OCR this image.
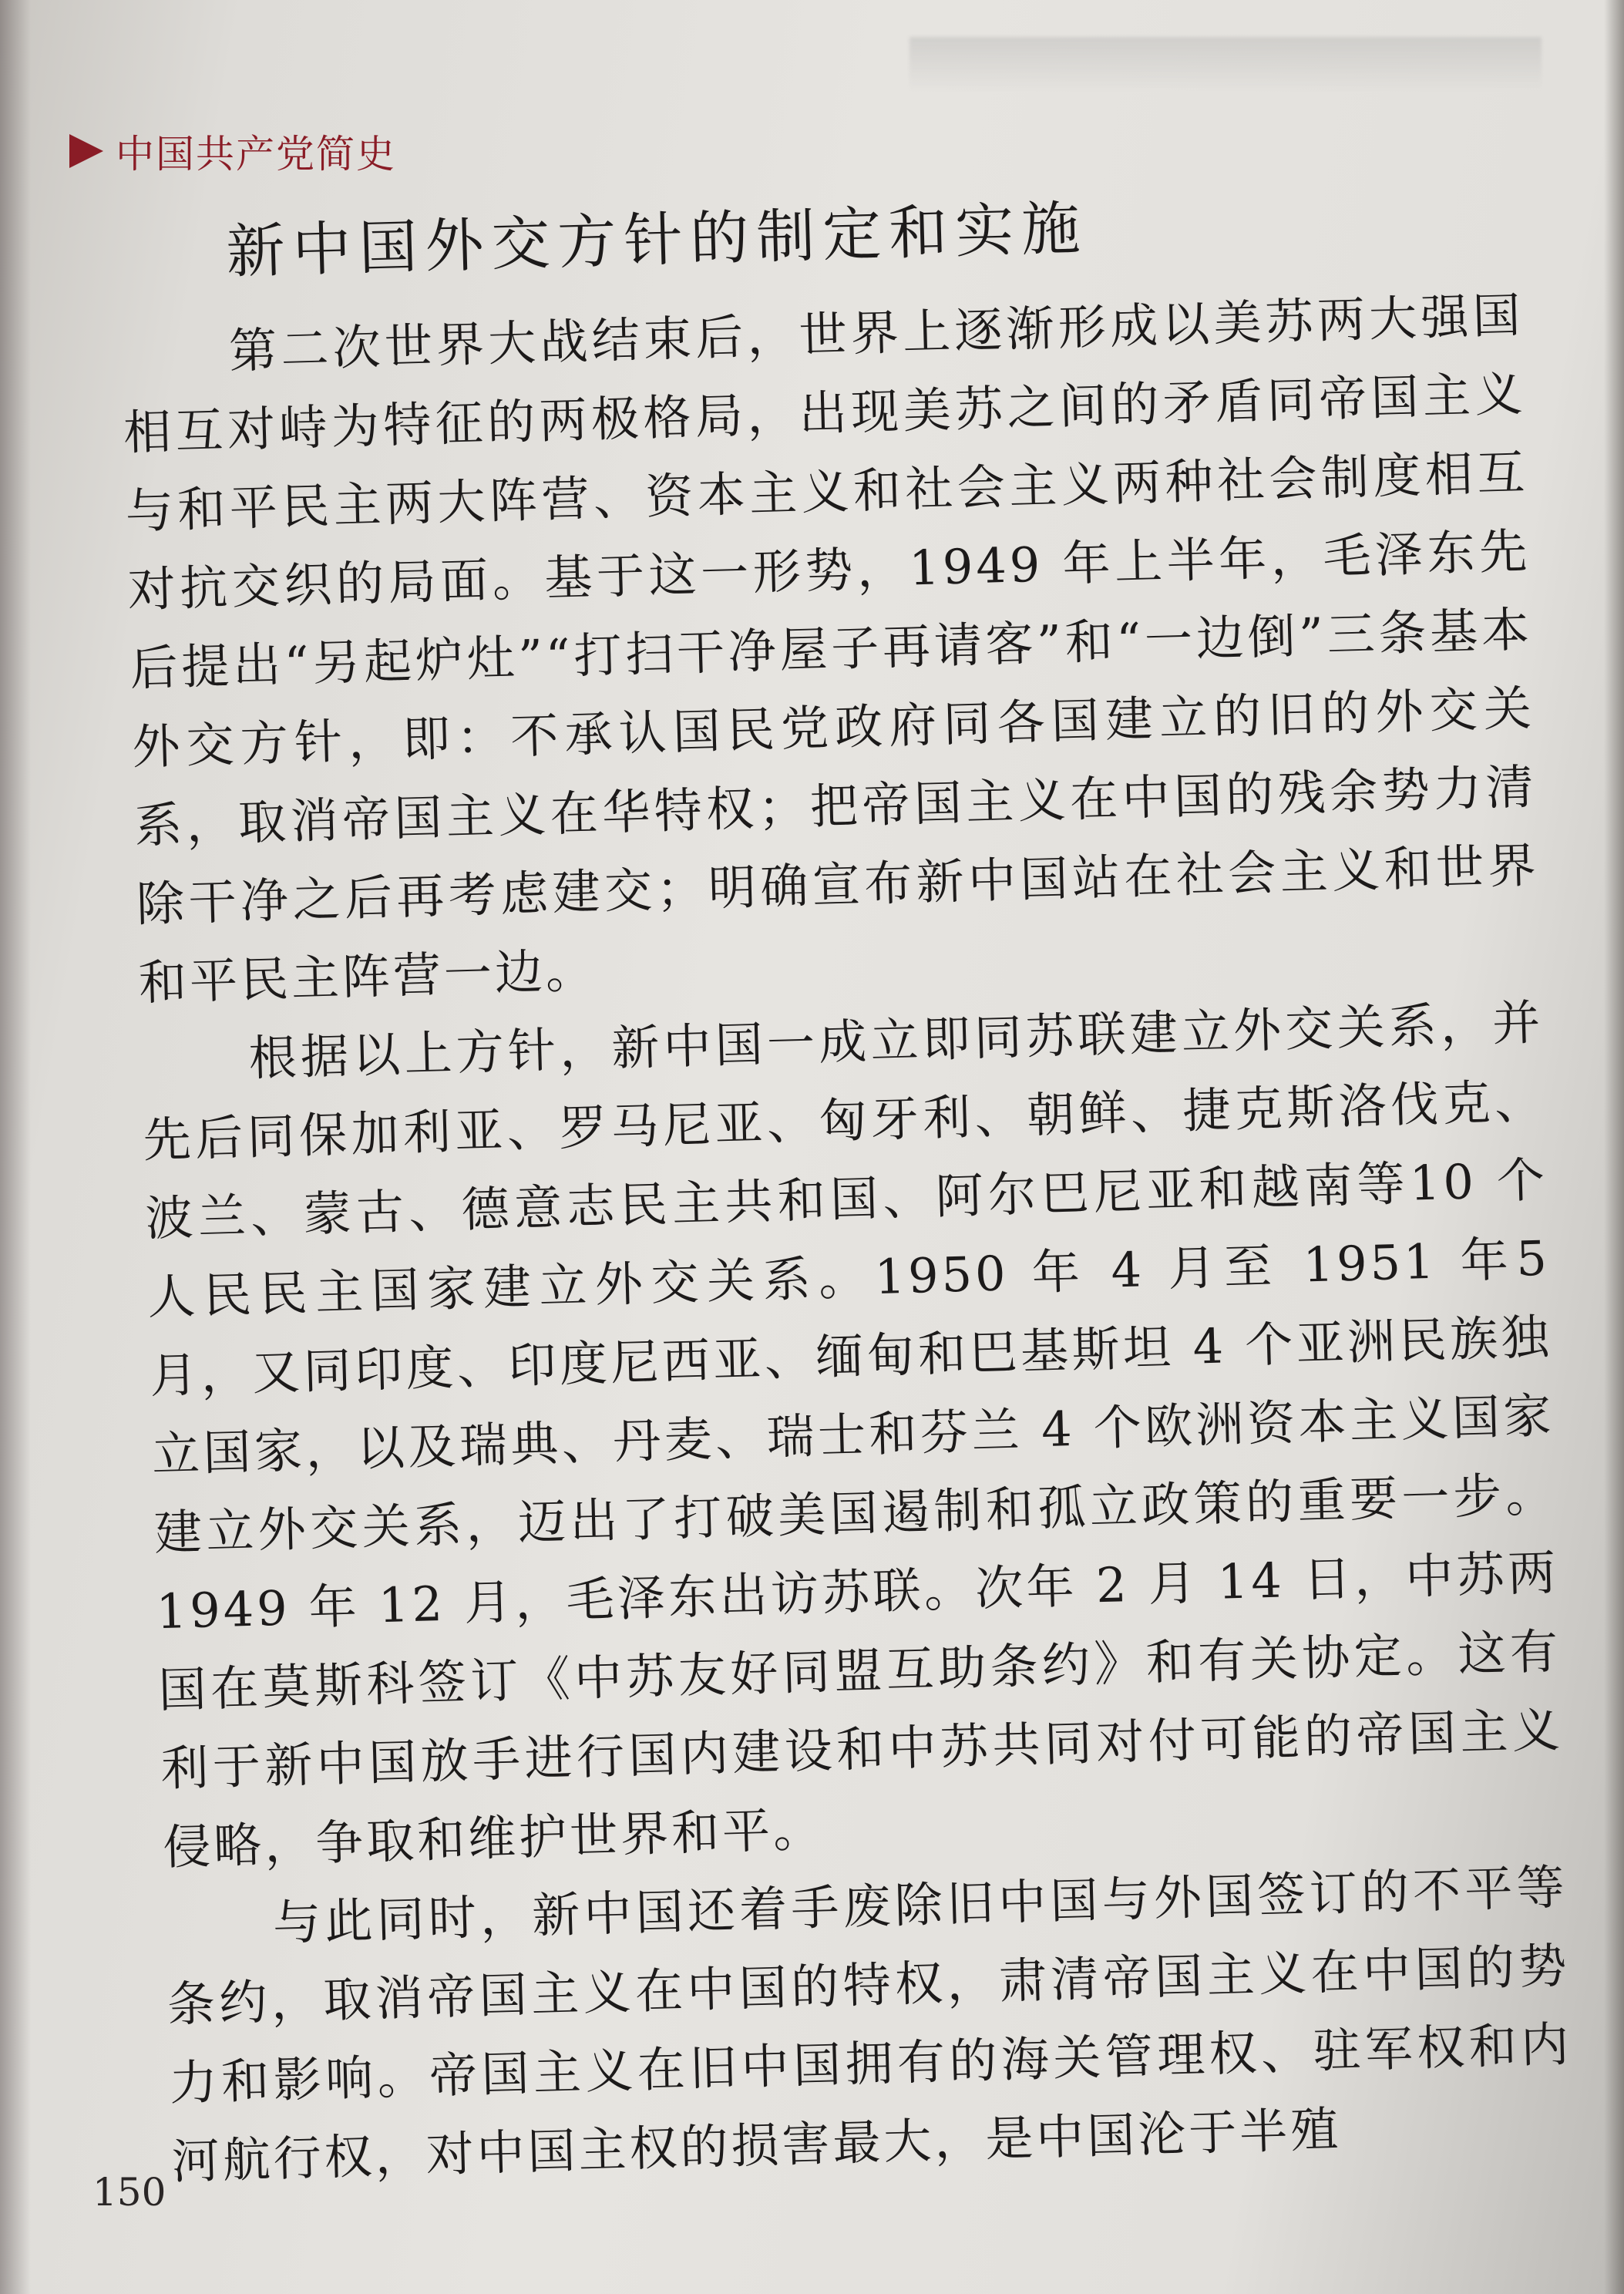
中国共产党简史
新中国外交方针的制定和实施

第二次世界大战结束后，世界上逐渐形成以美苏两大强国相互对峙为特征的两极格局，出现美苏之间的矛盾同帝国主义与和平民主两大阵营、资本主义和社会主义两种社会制度相互对抗交织的局面。基于这一形势，1949 年上半年，毛泽东先后提出“另起炉灶”“打扫干净屋子再请客”和“一边倒”三条基本外交方针，即：不承认国民党政府同各国建立的旧的外交关系，取消帝国主义在华特权；把帝国主义在中国的残余势力清除干净之后再考虑建交；明确宣布新中国站在社会主义和世界和平民主阵营一边。

根据以上方针，新中国一成立即同苏联建立外交关系，并先后同保加利亚、罗马尼亚、匈牙利、朝鲜、捷克斯洛伐克、波兰、蒙古、德意志民主共和国、阿尔巴尼亚和越南等10 个人民民主国家建立外交关系。1950 年 4 月至 1951 年5 月，又同印度、印度尼西亚、缅甸和巴基斯坦 4 个亚洲民族独立国家，以及瑞典、丹麦、瑞士和芬兰 4 个欧洲资本主义国家建立外交关系，迈出了打破美国遏制和孤立政策的重要一步。1949 年 12 月，毛泽东出访苏联。次年 2 月 14 日，中苏两国在莫斯科签订《中苏友好同盟互助条约》和有关协定。这有利于新中国放手进行国内建设和中苏共同对付可能的帝国主义侵略，争取和维护世界和平。

与此同时，新中国还着手废除旧中国与外国签订的不平等条约，取消帝国主义在中国的特权，肃清帝国主义在中国的势力和影响。帝国主义在旧中国拥有的海关管理权、驻军权和内河航行权，对中国主权的损害最大，是中国沦于半殖

150
